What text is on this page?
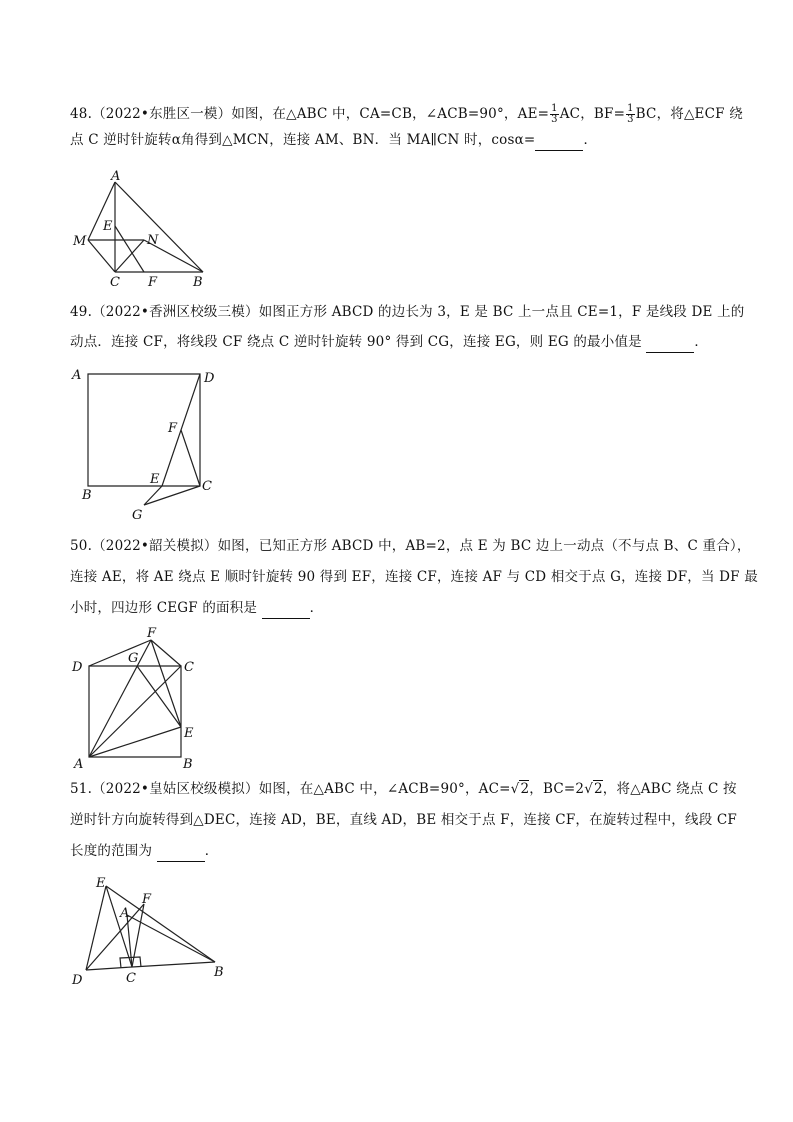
48.（2022•东胜区一模）如图，在△ABC 中，CA=CB，∠ACB=90°，$AE= \frac{1}{3}$ AC，$BF= \frac{1}{3}$ BC，将△ECF 绕
点 C 逆时针旋转α角得到△MCN，连接 AM、BN．当 MA∥CN 时，cosα=	．
A
E
M	N
C F	B
49.（2022•香洲区校级三模）如图正方形 ABCD 的边长为 3，E 是 BC 上一点且 CE=1，F 是线段 DE 上的
动点．连接 CF，将线段 CF 绕点 C 逆时针旋转 90° 得到 CG，连接 EG，则 EG 的最小值是	．
A	D
F
B
E	C
G
50.（2022•韶关模拟）如图，已知正方形 ABCD 中，AB=2，点 E 为 BC 边上一动点（不与点 B、C 重合），
连接 AE，将 AE 绕点 E 顺时针旋转 90 得到 EF，连接 CF，连接 AF 与 CD 相交于点 G，连接 DF，当 DF 最
小时，四边形 CEGF 的面积是	．
F
D
G
C
E
A	B
51.（2022•皇姑区校级模拟）如图，在△ABC 中，∠ACB=90°，AC=√2，BC=2√2，将△ABC 绕点 C 按
逆时针方向旋转得到△DEC，连接 AD，BE，直线 AD，BE 相交于点 F，连接 CF，在旋转过程中，线段 CF
长度的范围为	．
E
A
F
D	C	B
